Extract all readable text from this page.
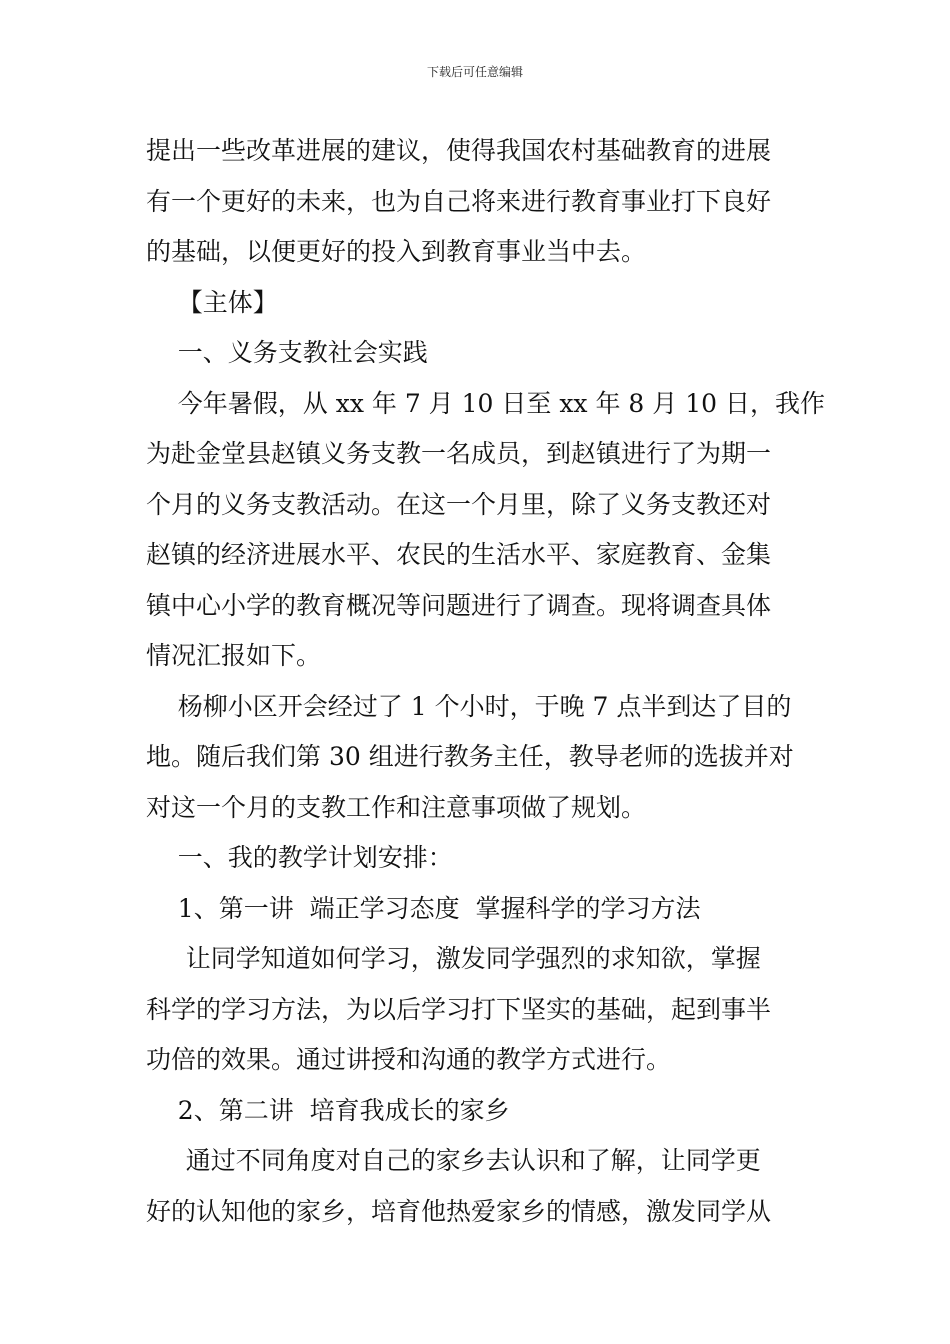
下载后可任意编辑
提出一些改革进展的建议，使得我国农村基础教育的进展
有一个更好的未来，也为自己将来进行教育事业打下良好
的基础，以便更好的投入到教育事业当中去。
【主体】
一、义务支教社会实践
今年暑假，从 xx 年 7 月 10 日至 xx 年 8 月 10 日，我作
为赴金堂县赵镇义务支教一名成员，到赵镇进行了为期一
个月的义务支教活动。在这一个月里，除了义务支教还对
赵镇的经济进展水平、农民的生活水平、家庭教育、金集
镇中心小学的教育概况等问题进行了调查。现将调查具体
情况汇报如下。
杨柳小区开会经过了 1 个小时，于晚 7 点半到达了目的
地。随后我们第 30 组进行教务主任，教导老师的选拔并对
对这一个月的支教工作和注意事项做了规划。
一、我的教学计划安排：
1、第一讲  端正学习态度  掌握科学的学习方法
让同学知道如何学习，激发同学强烈的求知欲，掌握
科学的学习方法，为以后学习打下坚实的基础，起到事半
功倍的效果。通过讲授和沟通的教学方式进行。
2、第二讲  培育我成长的家乡
通过不同角度对自己的家乡去认识和了解，让同学更
好的认知他的家乡，培育他热爱家乡的情感，激发同学从
